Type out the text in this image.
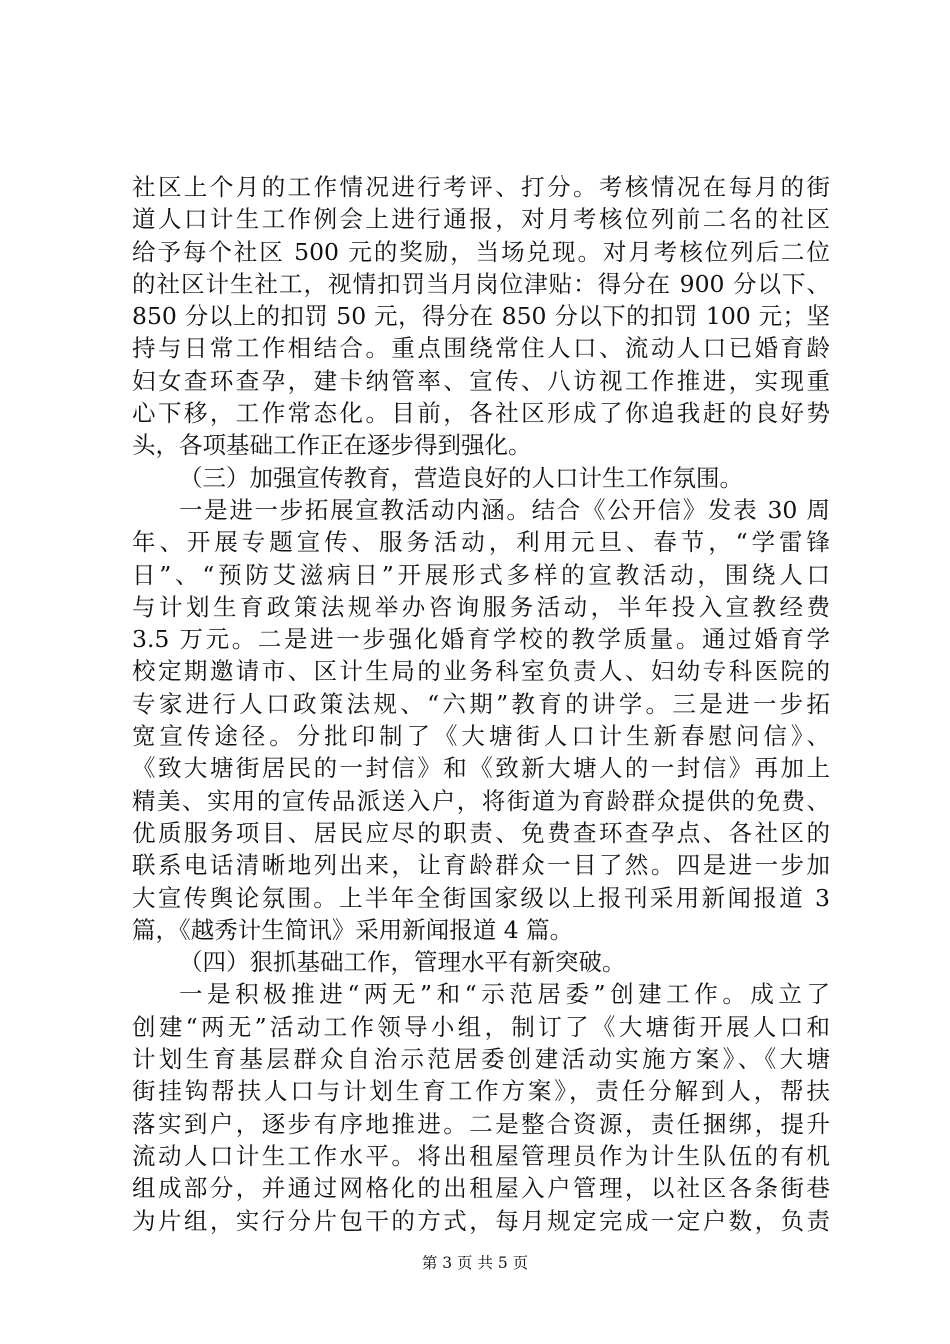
社区上个月的工作情况进行考评、打分。考核情况在每月的街
道人口计生工作例会上进行通报，对月考核位列前二名的社区
给予每个社区 500 元的奖励，当场兑现。对月考核位列后二位
的社区计生社工，视情扣罚当月岗位津贴：得分在 900 分以下、
850 分以上的扣罚 50 元，得分在 850 分以下的扣罚 100 元；坚
持与日常工作相结合。重点围绕常住人口、流动人口已婚育龄
妇女查环查孕，建卡纳管率、宣传、八访视工作推进，实现重
心下移，工作常态化。目前，各社区形成了你追我赶的良好势
头，各项基础工作正在逐步得到强化。
（三）加强宣传教育，营造良好的人口计生工作氛围。
一是进一步拓展宣教活动内涵。结合《公开信》发表 30 周
年、开展专题宣传、服务活动，利用元旦、春节，“学雷锋
日”、“预防艾滋病日”开展形式多样的宣教活动，围绕人口
与计划生育政策法规举办咨询服务活动，半年投入宣教经费
3.5 万元。二是进一步强化婚育学校的教学质量。通过婚育学
校定期邀请市、区计生局的业务科室负责人、妇幼专科医院的
专家进行人口政策法规、“六期”教育的讲学。三是进一步拓
宽宣传途径。分批印制了《大塘街人口计生新春慰问信》、
《致大塘街居民的一封信》和《致新大塘人的一封信》再加上
精美、实用的宣传品派送入户，将街道为育龄群众提供的免费、
优质服务项目、居民应尽的职责、免费查环查孕点、各社区的
联系电话清晰地列出来，让育龄群众一目了然。四是进一步加
大宣传舆论氛围。上半年全街国家级以上报刊采用新闻报道 3
篇，《越秀计生简讯》采用新闻报道 4 篇。
（四）狠抓基础工作，管理水平有新突破。
一是积极推进“两无”和“示范居委”创建工作。成立了
创建“两无”活动工作领导小组，制订了《大塘街开展人口和
计划生育基层群众自治示范居委创建活动实施方案》、《大塘
街挂钩帮扶人口与计划生育工作方案》，责任分解到人，帮扶
落实到户，逐步有序地推进。二是整合资源，责任捆绑，提升
流动人口计生工作水平。将出租屋管理员作为计生队伍的有机
组成部分，并通过网格化的出租屋入户管理，以社区各条街巷
为片组，实行分片包干的方式，每月规定完成一定户数，负责
第 3 页 共 5 页
